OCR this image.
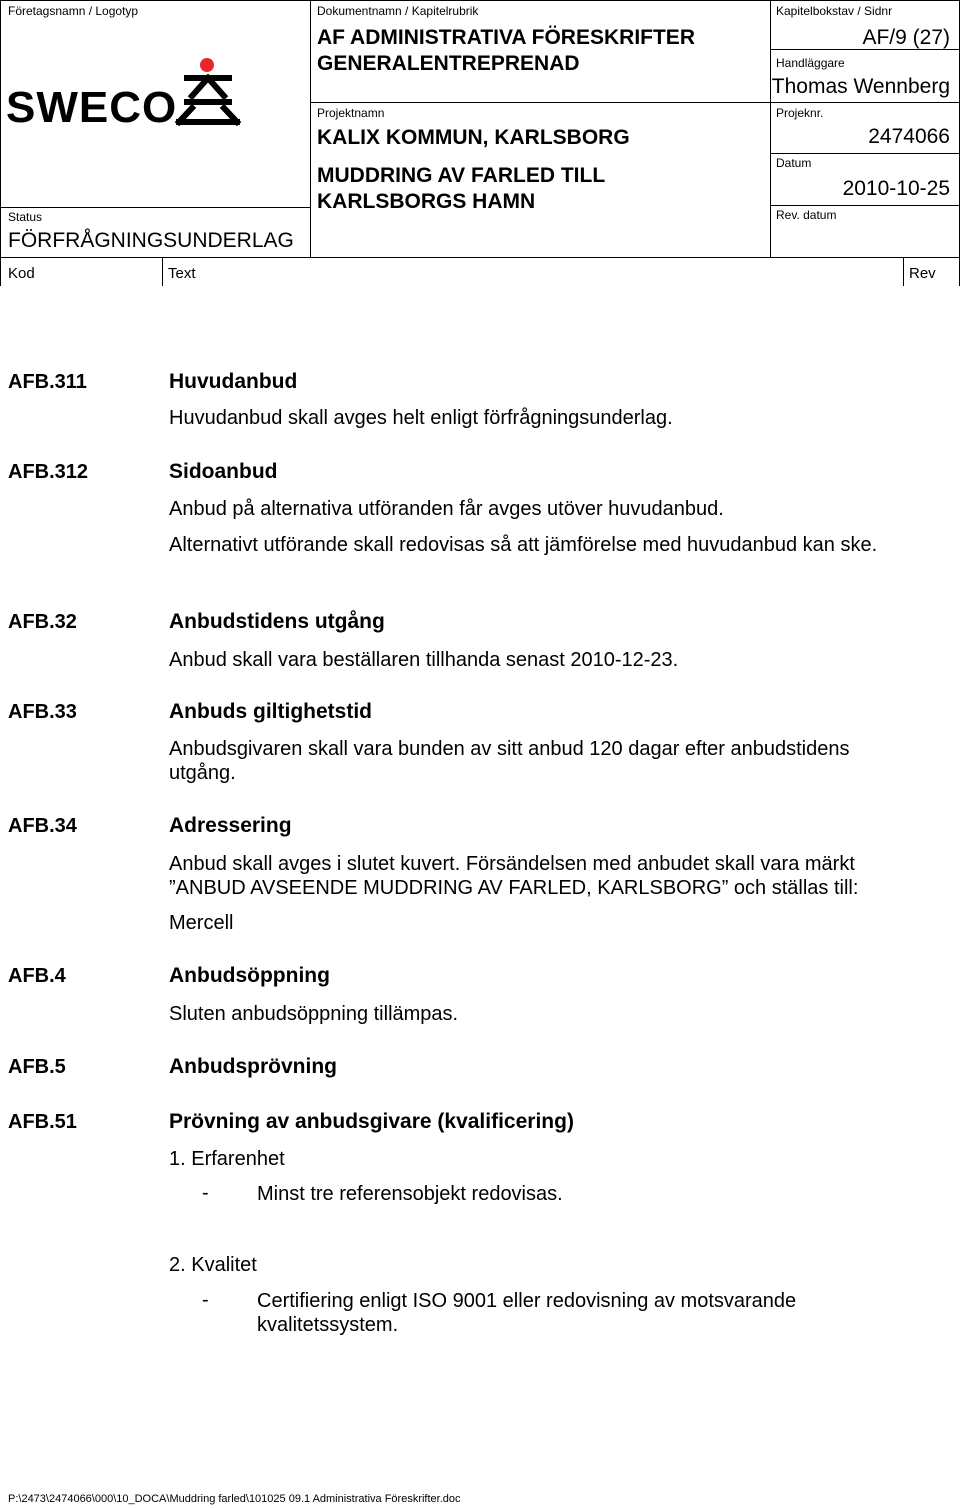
Företagsnamn / Logotyp
SWECO
Status
FÖRFRÅGNINGSUNDERLAG
Dokumentnamn / Kapitelrubrik
AF ADMINISTRATIVA FÖRESKRIFTER
GENERALENTREPRENAD
Projektnamn
KALIX KOMMUN, KARLSBORG
MUDDRING AV FARLED TILL
KARLSBORGS HAMN
Kapitelbokstav / Sidnr
AF/9 (27)
Handläggare
Thomas Wennberg
Projeknr.
2474066
Datum
2010-10-25
Rev. datum
Kod	Text	Rev
AFB.311	Huvudanbud
Huvudanbud skall avges helt enligt förfrågningsunderlag.
AFB.312	Sidoanbud
Anbud på alternativa utföranden får avges utöver huvudanbud.
Alternativt utförande skall redovisas så att jämförelse med huvudanbud kan ske.
AFB.32	Anbudstidens utgång
Anbud skall vara beställaren tillhanda senast 2010-12-23.
AFB.33	Anbuds giltighetstid
Anbudsgivaren skall vara bunden av sitt anbud 120 dagar efter anbudstidens utgång.
AFB.34	Adressering
Anbud skall avges i slutet kuvert. Försändelsen med anbudet skall vara märkt ”ANBUD AVSEENDE MUDDRING AV FARLED, KARLSBORG” och ställas till:
Mercell
AFB.4	Anbudsöppning
Sluten anbudsöppning tillämpas.
AFB.5	Anbudsprövning
AFB.51	Prövning av anbudsgivare (kvalificering)
1. Erfarenhet
- Minst tre referensobjekt redovisas.
2. Kvalitet
- Certifiering enligt ISO 9001 eller redovisning av motsvarande kvalitetssystem.
P:\2473\2474066\000\10_DOCA\Muddring farled\101025 09.1 Administrativa Föreskrifter.doc
